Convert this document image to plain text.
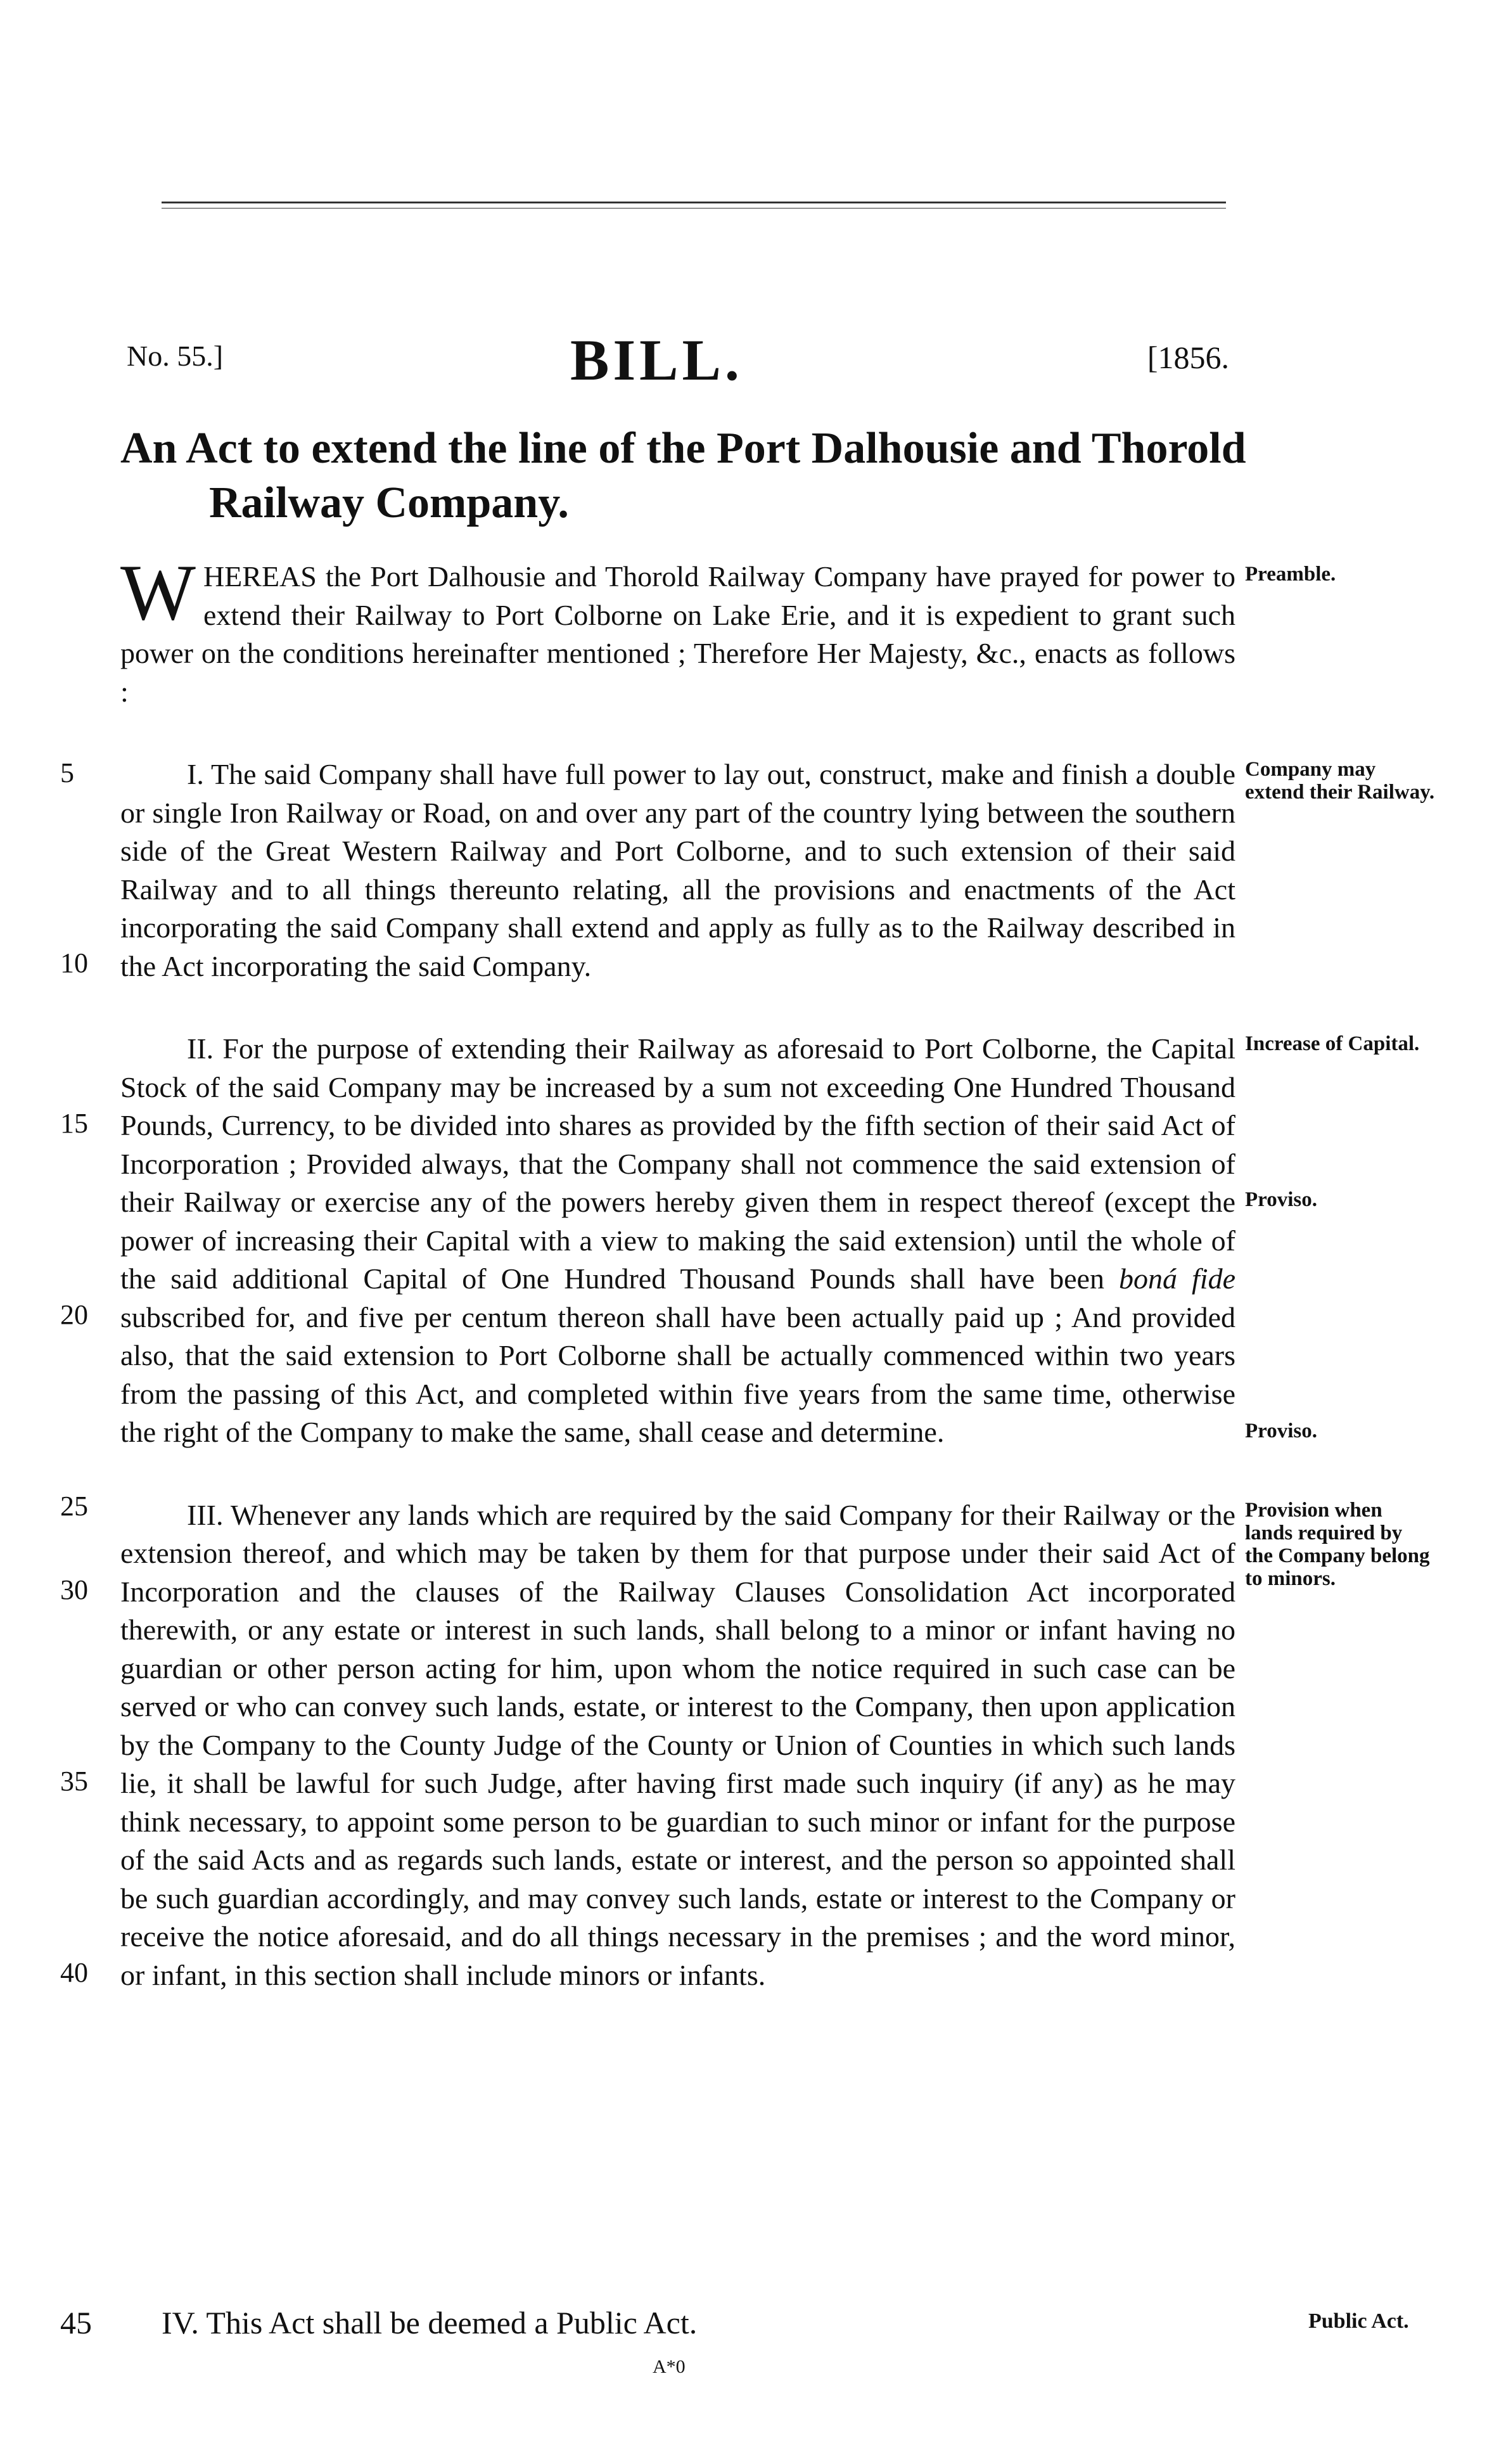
No. 55.]	BILL.	[1856.
An Act to extend the line of the Port Dalhousie and Thorold Railway Company.
Preamble.

WHEREAS the Port Dalhousie and Thorold Railway Company have prayed for power to extend their Railway to Port Colborne on Lake Erie, and it is expedient to grant such power on the conditions hereinafter mentioned ; Therefore Her Majesty, &c., enacts as follows :

5
10
Company may extend their Railway.

I. The said Company shall have full power to lay out, construct, make and finish a double or single Iron Railway or Road, on and over any part of the country lying between the southern side of the Great Western Railway and Port Colborne, and to such extension of their said Railway and to all things thereunto relating, all the provisions and enactments of the Act incorporating the said Company shall extend and apply as fully as to the Railway described in the Act incorporating the said Company.

15
20
25
Increase of Capital.
Proviso.
Proviso.

II. For the purpose of extending their Railway as aforesaid to Port Colborne, the Capital Stock of the said Company may be increased by a sum not exceeding One Hundred Thousand Pounds, Currency, to be divided into shares as provided by the fifth section of their said Act of Incorporation ; Provided always, that the Company shall not commence the said extension of their Railway or exercise any of the powers hereby given them in respect thereof (except the power of increasing their Capital with a view to making the said extension) until the whole of the said additional Capital of One Hundred Thousand Pounds shall have been boná fide subscribed for, and five per centum thereon shall have been actually paid up ; And provided also, that the said extension to Port Colborne shall be actually commenced within two years from the passing of this Act, and completed within five years from the same time, otherwise the right of the Company to make the same, shall cease and determine.

30
35
40
Provision when lands required by the Company belong to minors.

III. Whenever any lands which are required by the said Company for their Railway or the extension thereof, and which may be taken by them for that purpose under their said Act of Incorporation and the clauses of the Railway Clauses Consolidation Act incorporated therewith, or any estate or interest in such lands, shall belong to a minor or infant having no guardian or other person acting for him, upon whom the notice required in such case can be served or who can convey such lands, estate, or interest to the Company, then upon application by the Company to the County Judge of the County or Union of Counties in which such lands lie, it shall be lawful for such Judge, after having first made such inquiry (if any) as he may think necessary, to appoint some person to be guardian to such minor or infant for the purpose of the said Acts and as regards such lands, estate or interest, and the person so appointed shall be such guardian accordingly, and may convey such lands, estate or interest to the Company or receive the notice aforesaid, and do all things necessary in the premises ; and the word minor, or infant, in this section shall include minors or infants.

45 IV. This Act shall be deemed a Public Act.	Public Act.
A*0
